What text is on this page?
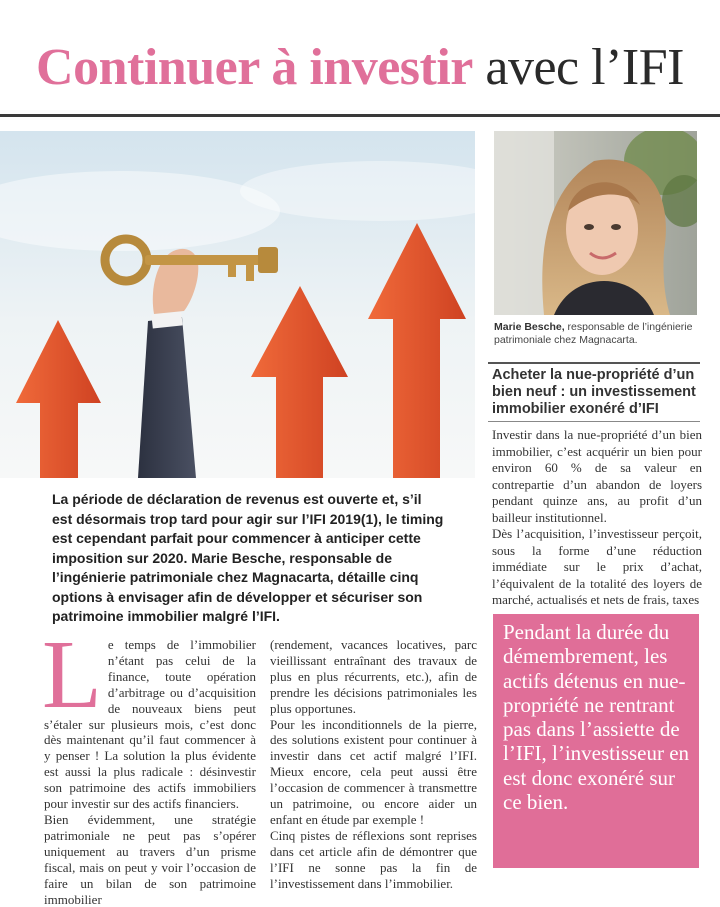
Continuer à investir avec l’IFI
Marie Besche, responsable de l’ingénierie patrimoniale chez Magnacarta.
Acheter la nue-propriété d’un bien neuf : un investissement immobilier exonéré d’IFI

Investir dans la nue-propriété d’un bien immobilier, c’est acquérir un bien pour environ 60 % de sa valeur en contrepartie d’un abandon de loyers pendant quinze ans, au profit d’un bailleur institutionnel.

Dès l’acquisition, l’investisseur perçoit, sous la forme d’une réduction immédiate sur le prix d’achat, l’équivalent de la totalité des loyers de marché, actualisés et nets de frais, taxes

La période de déclaration de revenus est ouverte et, s’il est désormais trop tard pour agir sur l’IFI 2019(1), le timing est cependant parfait pour commencer à anticiper cette imposition sur 2020. Marie Besche, responsable de l’ingénierie patrimoniale chez Magnacarta, détaille cinq options à envisager afin de développer et sécuriser son patrimoine immobilier malgré l’IFI.

Le temps de l’immobilier n’étant pas celui de la finance, toute opération d’arbitrage ou d’acquisition de nouveaux biens peut s’étaler sur plusieurs mois, c’est donc dès maintenant qu’il faut commencer à y penser ! La solution la plus évidente est aussi la plus radicale : désinvestir son patrimoine des actifs immobiliers pour investir sur des actifs financiers.

Bien évidemment, une stratégie patrimoniale ne peut pas s’opérer uniquement au travers d’un prisme fiscal, mais on peut y voir l’occasion de faire un bilan de son patrimoine immobilier

(rendement, vacances locatives, parc vieillissant entraînant des travaux de plus en plus récurrents, etc.), afin de prendre les décisions patrimoniales les plus opportunes.

Pour les inconditionnels de la pierre, des solutions existent pour continuer à investir dans cet actif malgré l’IFI. Mieux encore, cela peut aussi être l’occasion de commencer à transmettre un patrimoine, ou encore aider un enfant en étude par exemple !

Cinq pistes de réflexions sont reprises dans cet article afin de démontrer que l’IFI ne sonne pas la fin de l’investissement dans l’immobilier.

Pendant la durée du démembrement, les actifs détenus en nue-propriété ne rentrant pas dans l’assiette de l’IFI, l’investisseur en est donc exonéré sur ce bien.
